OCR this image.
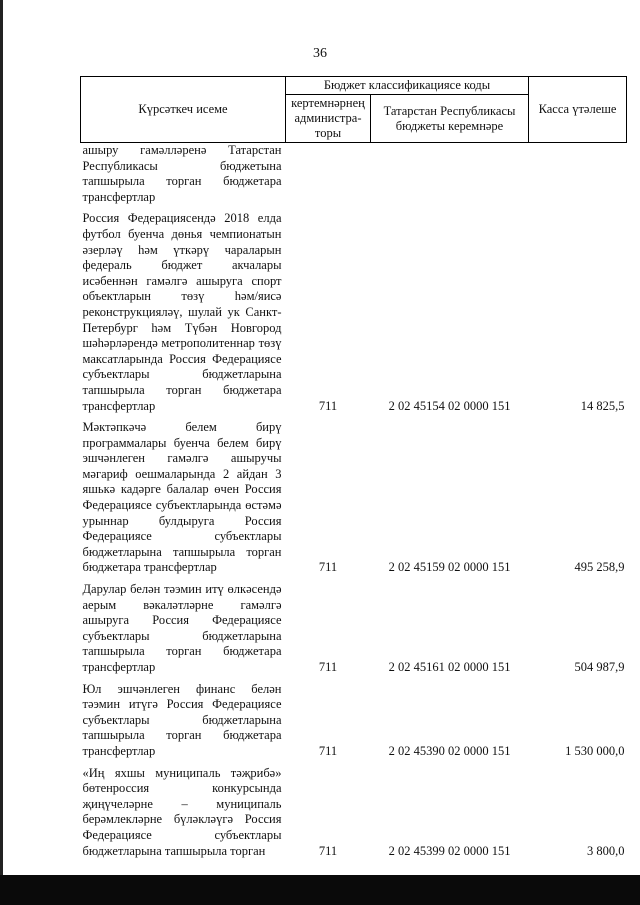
36
Күрсәткеч исеме	Бюджет классификациясе коды		Касса үтәлеше
	кертемнәрнең администра-торы	Татарстан Республикасы бюджеты керемнәре	
ашыру гамәлләренә Татарстан Республикасы бюджетына тапшырыла торган бюджетара трансфертлар			
Россия Федерациясендә 2018 елда футбол буенча дөнья чемпионатын әзерләү һәм үткәрү чараларын федераль бюджет акчалары исәбеннән гамәлгә ашыруга спорт объектларын төзү һәм/яисә реконструкцияләү, шулай ук Санкт-Петербург һәм Түбән Новгород шәһәрләрендә метрополитеннар төзү максатларында Россия Федерациясе субъектлары бюджетларына тапшырыла торган бюджетара трансфертлар	711	2 02 45154 02 0000 151	14 825,5
Мәктәпкәчә белем бирү программалары буенча белем бирү эшчәнлеген гамәлгә ашыручы мәгариф оешмаларында 2 айдан 3 яшькә кадәрге балалар өчен Россия Федерациясе субъектларында өстәмә урыннар булдыруга Россия Федерациясе субъектлары бюджетларына тапшырыла торган бюджетара трансфертлар	711	2 02 45159 02 0000 151	495 258,9
Дарулар белән тәэмин итү өлкәсендә аерым вәкаләтләрне гамәлгә ашыруга Россия Федерациясе субъектлары бюджетларына тапшырыла торган бюджетара трансфертлар	711	2 02 45161 02 0000 151	504 987,9
Юл эшчәнлеген финанс белән тәэмин итүгә Россия Федерациясе субъектлары бюджетларына тапшырыла торган бюджетара трансфертлар	711	2 02 45390 02 0000 151	1 530 000,0
«Иң яхшы муниципаль тәҗрибә» бөтенроссия конкурсында җиңүчеләрне – муниципаль берәмлекләрне бүләкләүгә Россия Федерациясе субъектлары бюджетларына тапшырыла торган	711	2 02 45399 02 0000 151	3 800,0
